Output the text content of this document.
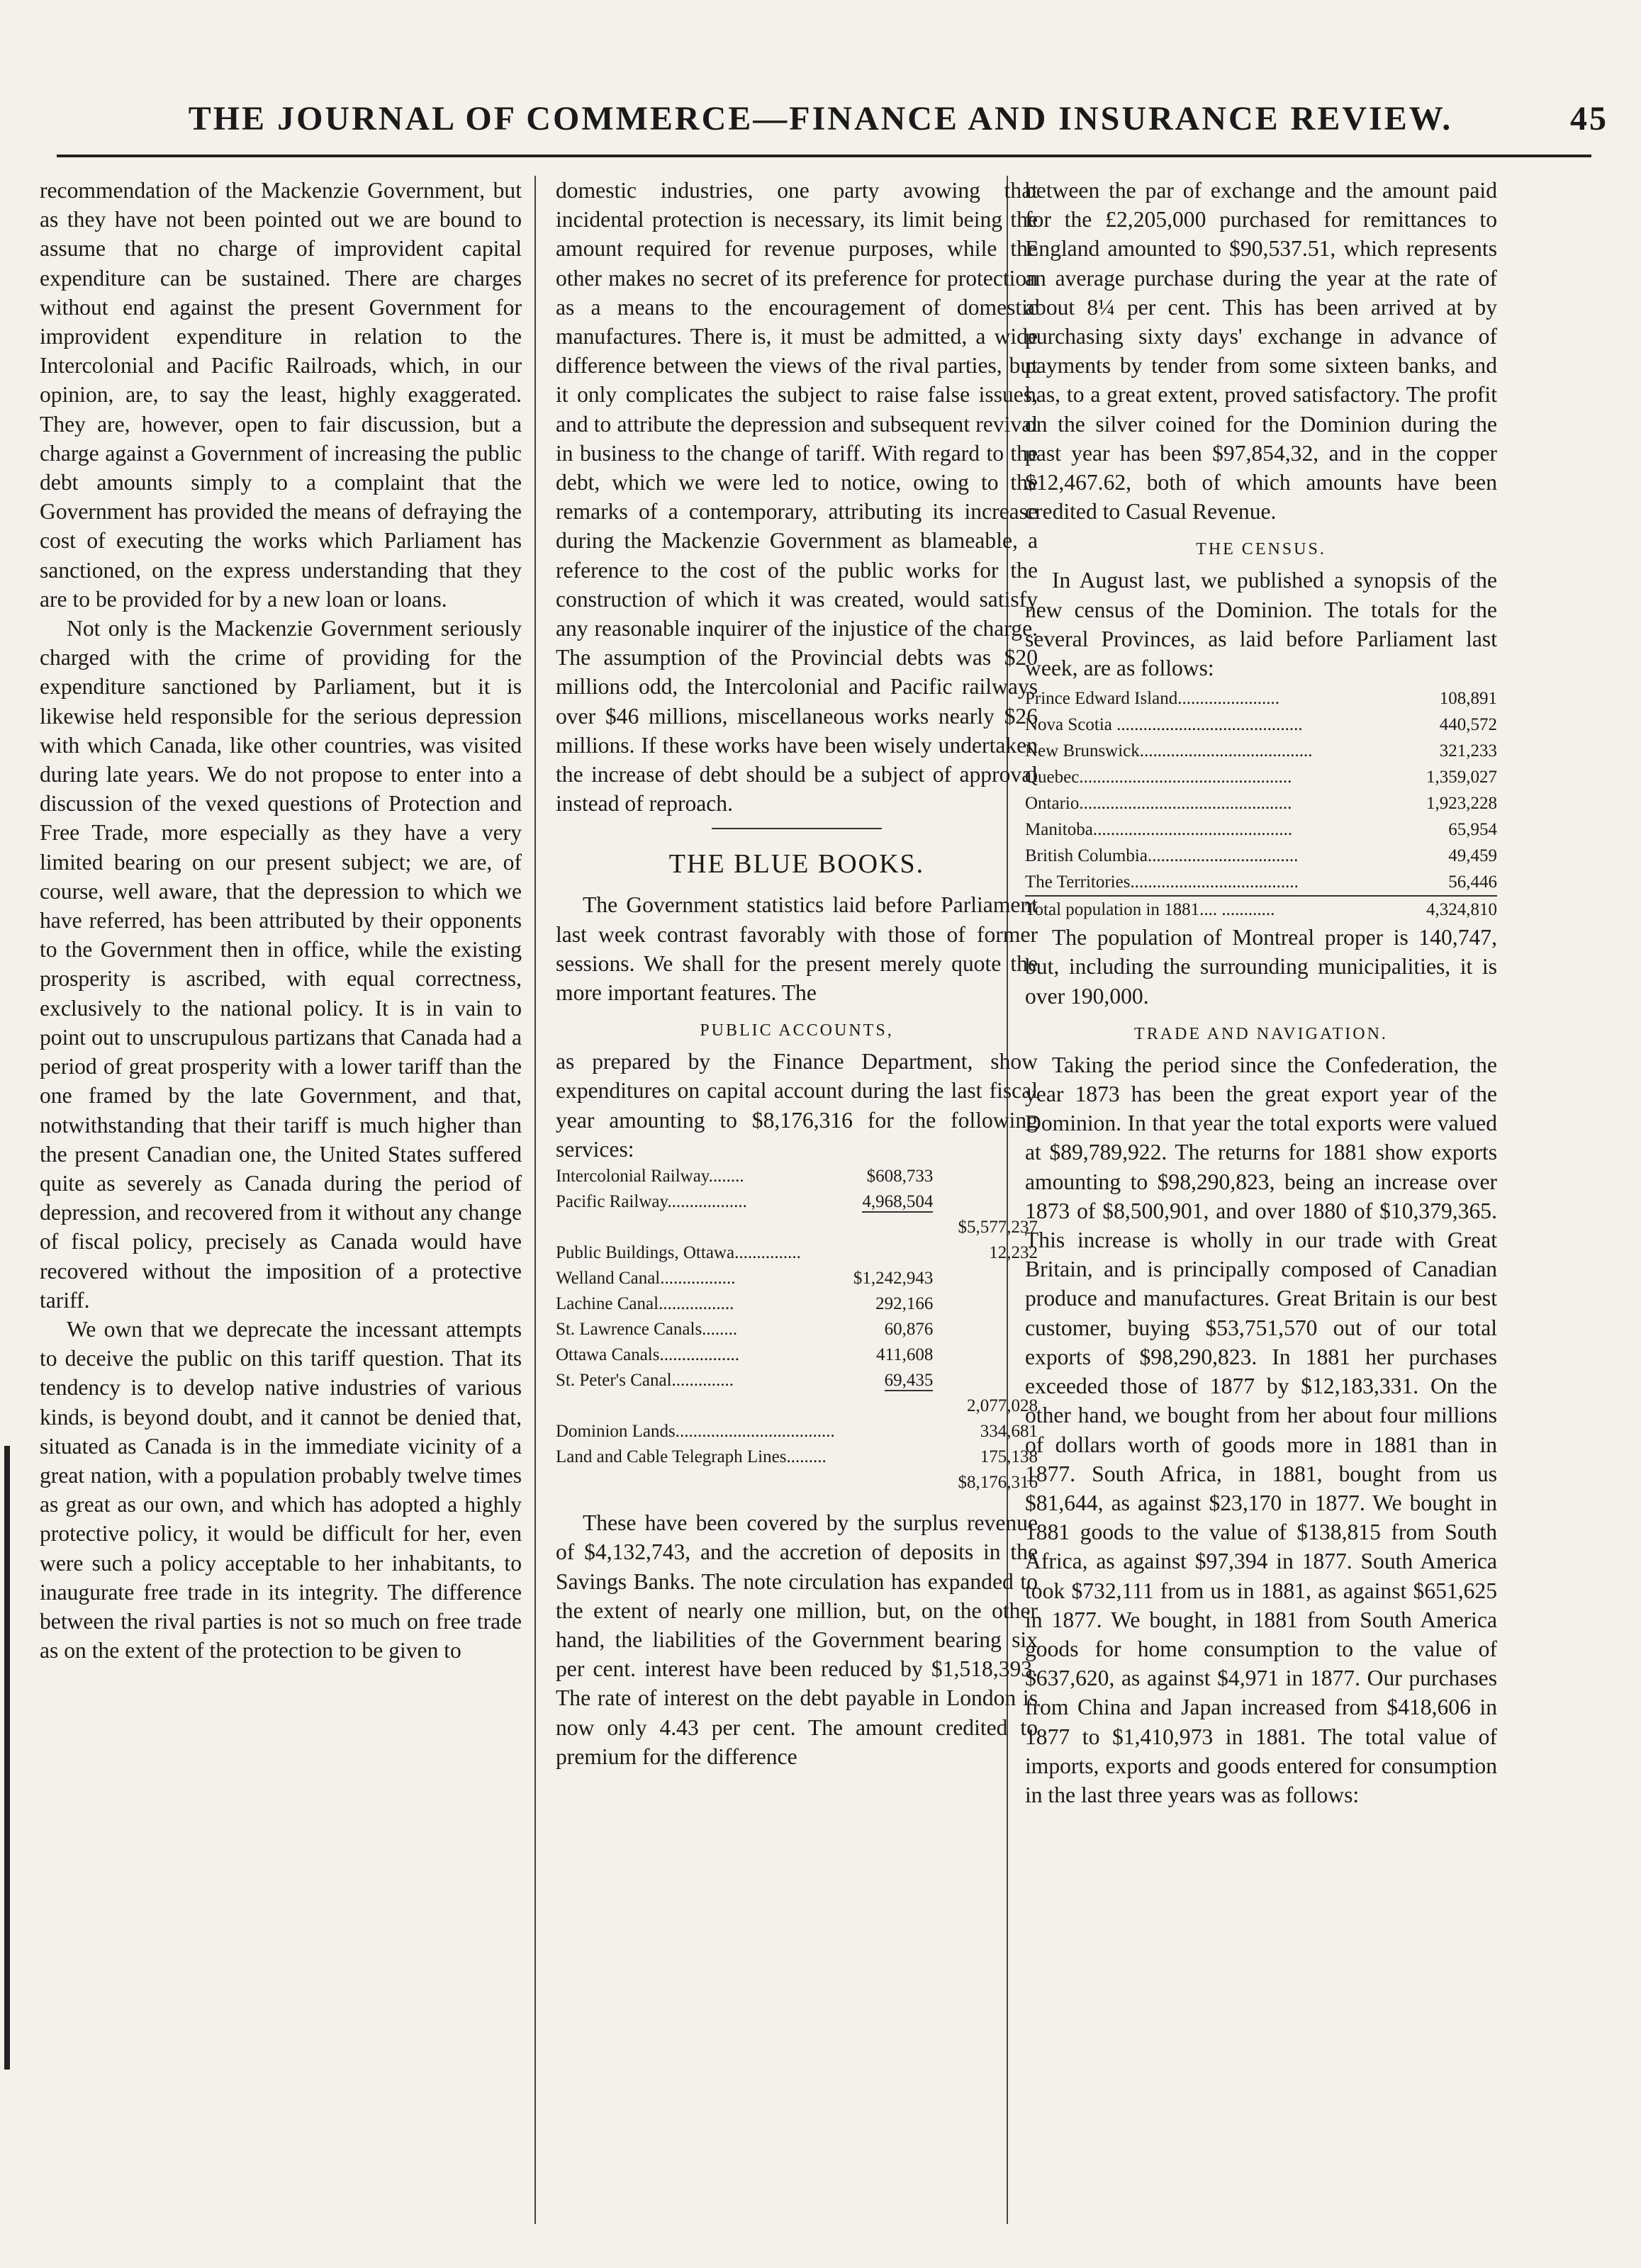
THE JOURNAL OF COMMERCE—FINANCE AND INSURANCE REVIEW.	45

recommendation of the Mackenzie Government, but as they have not been pointed out we are bound to assume that no charge of improvident capital expenditure can be sustained. There are charges without end against the present Government for improvident expenditure in relation to the Intercolonial and Pacific Railroads, which, in our opinion, are, to say the least, highly exaggerated. They are, however, open to fair discussion, but a charge against a Government of increasing the public debt amounts simply to a complaint that the Government has provided the means of defraying the cost of executing the works which Parliament has sanctioned, on the express understanding that they are to be provided for by a new loan or loans.

Not only is the Mackenzie Government seriously charged with the crime of providing for the expenditure sanctioned by Parliament, but it is likewise held responsible for the serious depression with which Canada, like other countries, was visited during late years. We do not propose to enter into a discussion of the vexed questions of Protection and Free Trade, more especially as they have a very limited bearing on our present subject; we are, of course, well aware, that the depression to which we have referred, has been attributed by their opponents to the Government then in office, while the existing prosperity is ascribed, with equal correctness, exclusively to the national policy. It is in vain to point out to unscrupulous partizans that Canada had a period of great prosperity with a lower tariff than the one framed by the late Government, and that, notwithstanding that their tariff is much higher than the present Canadian one, the United States suffered quite as severely as Canada during the period of depression, and recovered from it without any change of fiscal policy, precisely as Canada would have recovered without the imposition of a protective tariff.

We own that we deprecate the incessant attempts to deceive the public on this tariff question. That its tendency is to develop native industries of various kinds, is beyond doubt, and it cannot be denied that, situated as Canada is in the immediate vicinity of a great nation, with a population probably twelve times as great as our own, and which has adopted a highly protective policy, it would be difficult for her, even were such a policy acceptable to her inhabitants, to inaugurate free trade in its integrity. The difference between the rival parties is not so much on free trade as on the extent of the protection to be given to

domestic industries, one party avowing that incidental protection is necessary, its limit being the amount required for revenue purposes, while the other makes no secret of its preference for protection as a means to the encouragement of domestic manufactures. There is, it must be admitted, a wide difference between the views of the rival parties, but it only complicates the subject to raise false issues, and to attribute the depression and subsequent revival in business to the change of tariff. With regard to the debt, which we were led to notice, owing to the remarks of a contemporary, attributing its increase during the Mackenzie Government as blameable, a reference to the cost of the public works for the construction of which it was created, would satisfy any reasonable inquirer of the injustice of the charge. The assumption of the Provincial debts was $20 millions odd, the Intercolonial and Pacific railways over $46 millions, miscellaneous works nearly $26 millions. If these works have been wisely undertaken the increase of debt should be a subject of approval instead of reproach.

THE BLUE BOOKS.

The Government statistics laid before Parliament last week contrast favorably with those of former sessions. We shall for the present merely quote the more important features. The

PUBLIC ACCOUNTS,

as prepared by the Finance Department, show expenditures on capital account during the last fiscal year amounting to $8,176,316 for the following services:

Intercolonial Railway........	$608,733	
Pacific Railway..................	4,968,504	
		$5,577,237
Public Buildings, Ottawa...............		12,232
Welland Canal.................	$1,242,943	
Lachine Canal.................	292,166	
St. Lawrence Canals........	60,876	
Ottawa Canals..................	411,608	
St. Peter's Canal..............	69,435	
		2,077,028
Dominion Lands....................................		334,681
Land and Cable Telegraph Lines.........		175,138
		$8,176,316

These have been covered by the surplus revenue of $4,132,743, and the accretion of deposits in the Savings Banks. The note circulation has expanded to the extent of nearly one million, but, on the other hand, the liabilities of the Government bearing six per cent. interest have been reduced by $1,518,393. The rate of interest on the debt payable in London is now only 4.43 per cent. The amount credited to premium for the difference

between the par of exchange and the amount paid for the £2,205,000 purchased for remittances to England amounted to $90,537.51, which represents an average purchase during the year at the rate of about 8¼ per cent. This has been arrived at by purchasing sixty days' exchange in advance of payments by tender from some sixteen banks, and has, to a great extent, proved satisfactory. The profit on the silver coined for the Dominion during the past year has been $97,854,32, and in the copper $12,467.62, both of which amounts have been credited to Casual Revenue.

THE CENSUS.

In August last, we published a synopsis of the new census of the Dominion. The totals for the several Provinces, as laid before Parliament last week, are as follows:

Prince Edward Island.......................	108,891
Nova Scotia ..........................................	440,572
New Brunswick.......................................	321,233
Quebec................................................	1,359,027
Ontario................................................	1,923,228
Manitoba.............................................	65,954
British Columbia..................................	49,459
The Territories......................................	56,446
Total population in 1881.... ............	4,324,810

The population of Montreal proper is 140,747, but, including the surrounding municipalities, it is over 190,000.

TRADE AND NAVIGATION.

Taking the period since the Confederation, the year 1873 has been the great export year of the Dominion. In that year the total exports were valued at $89,789,922. The returns for 1881 show exports amounting to $98,290,823, being an increase over 1873 of $8,500,901, and over 1880 of $10,379,365. This increase is wholly in our trade with Great Britain, and is principally composed of Canadian produce and manufactures. Great Britain is our best customer, buying $53,751,570 out of our total exports of $98,290,823. In 1881 her purchases exceeded those of 1877 by $12,183,331. On the other hand, we bought from her about four millions of dollars worth of goods more in 1881 than in 1877. South Africa, in 1881, bought from us $81,644, as against $23,170 in 1877. We bought in 1881 goods to the value of $138,815 from South Africa, as against $97,394 in 1877. South America took $732,111 from us in 1881, as against $651,625 in 1877. We bought, in 1881 from South America goods for home consumption to the value of $637,620, as against $4,971 in 1877. Our purchases from China and Japan increased from $418,606 in 1877 to $1,410,973 in 1881. The total value of imports, exports and goods entered for consumption in the last three years was as follows:
